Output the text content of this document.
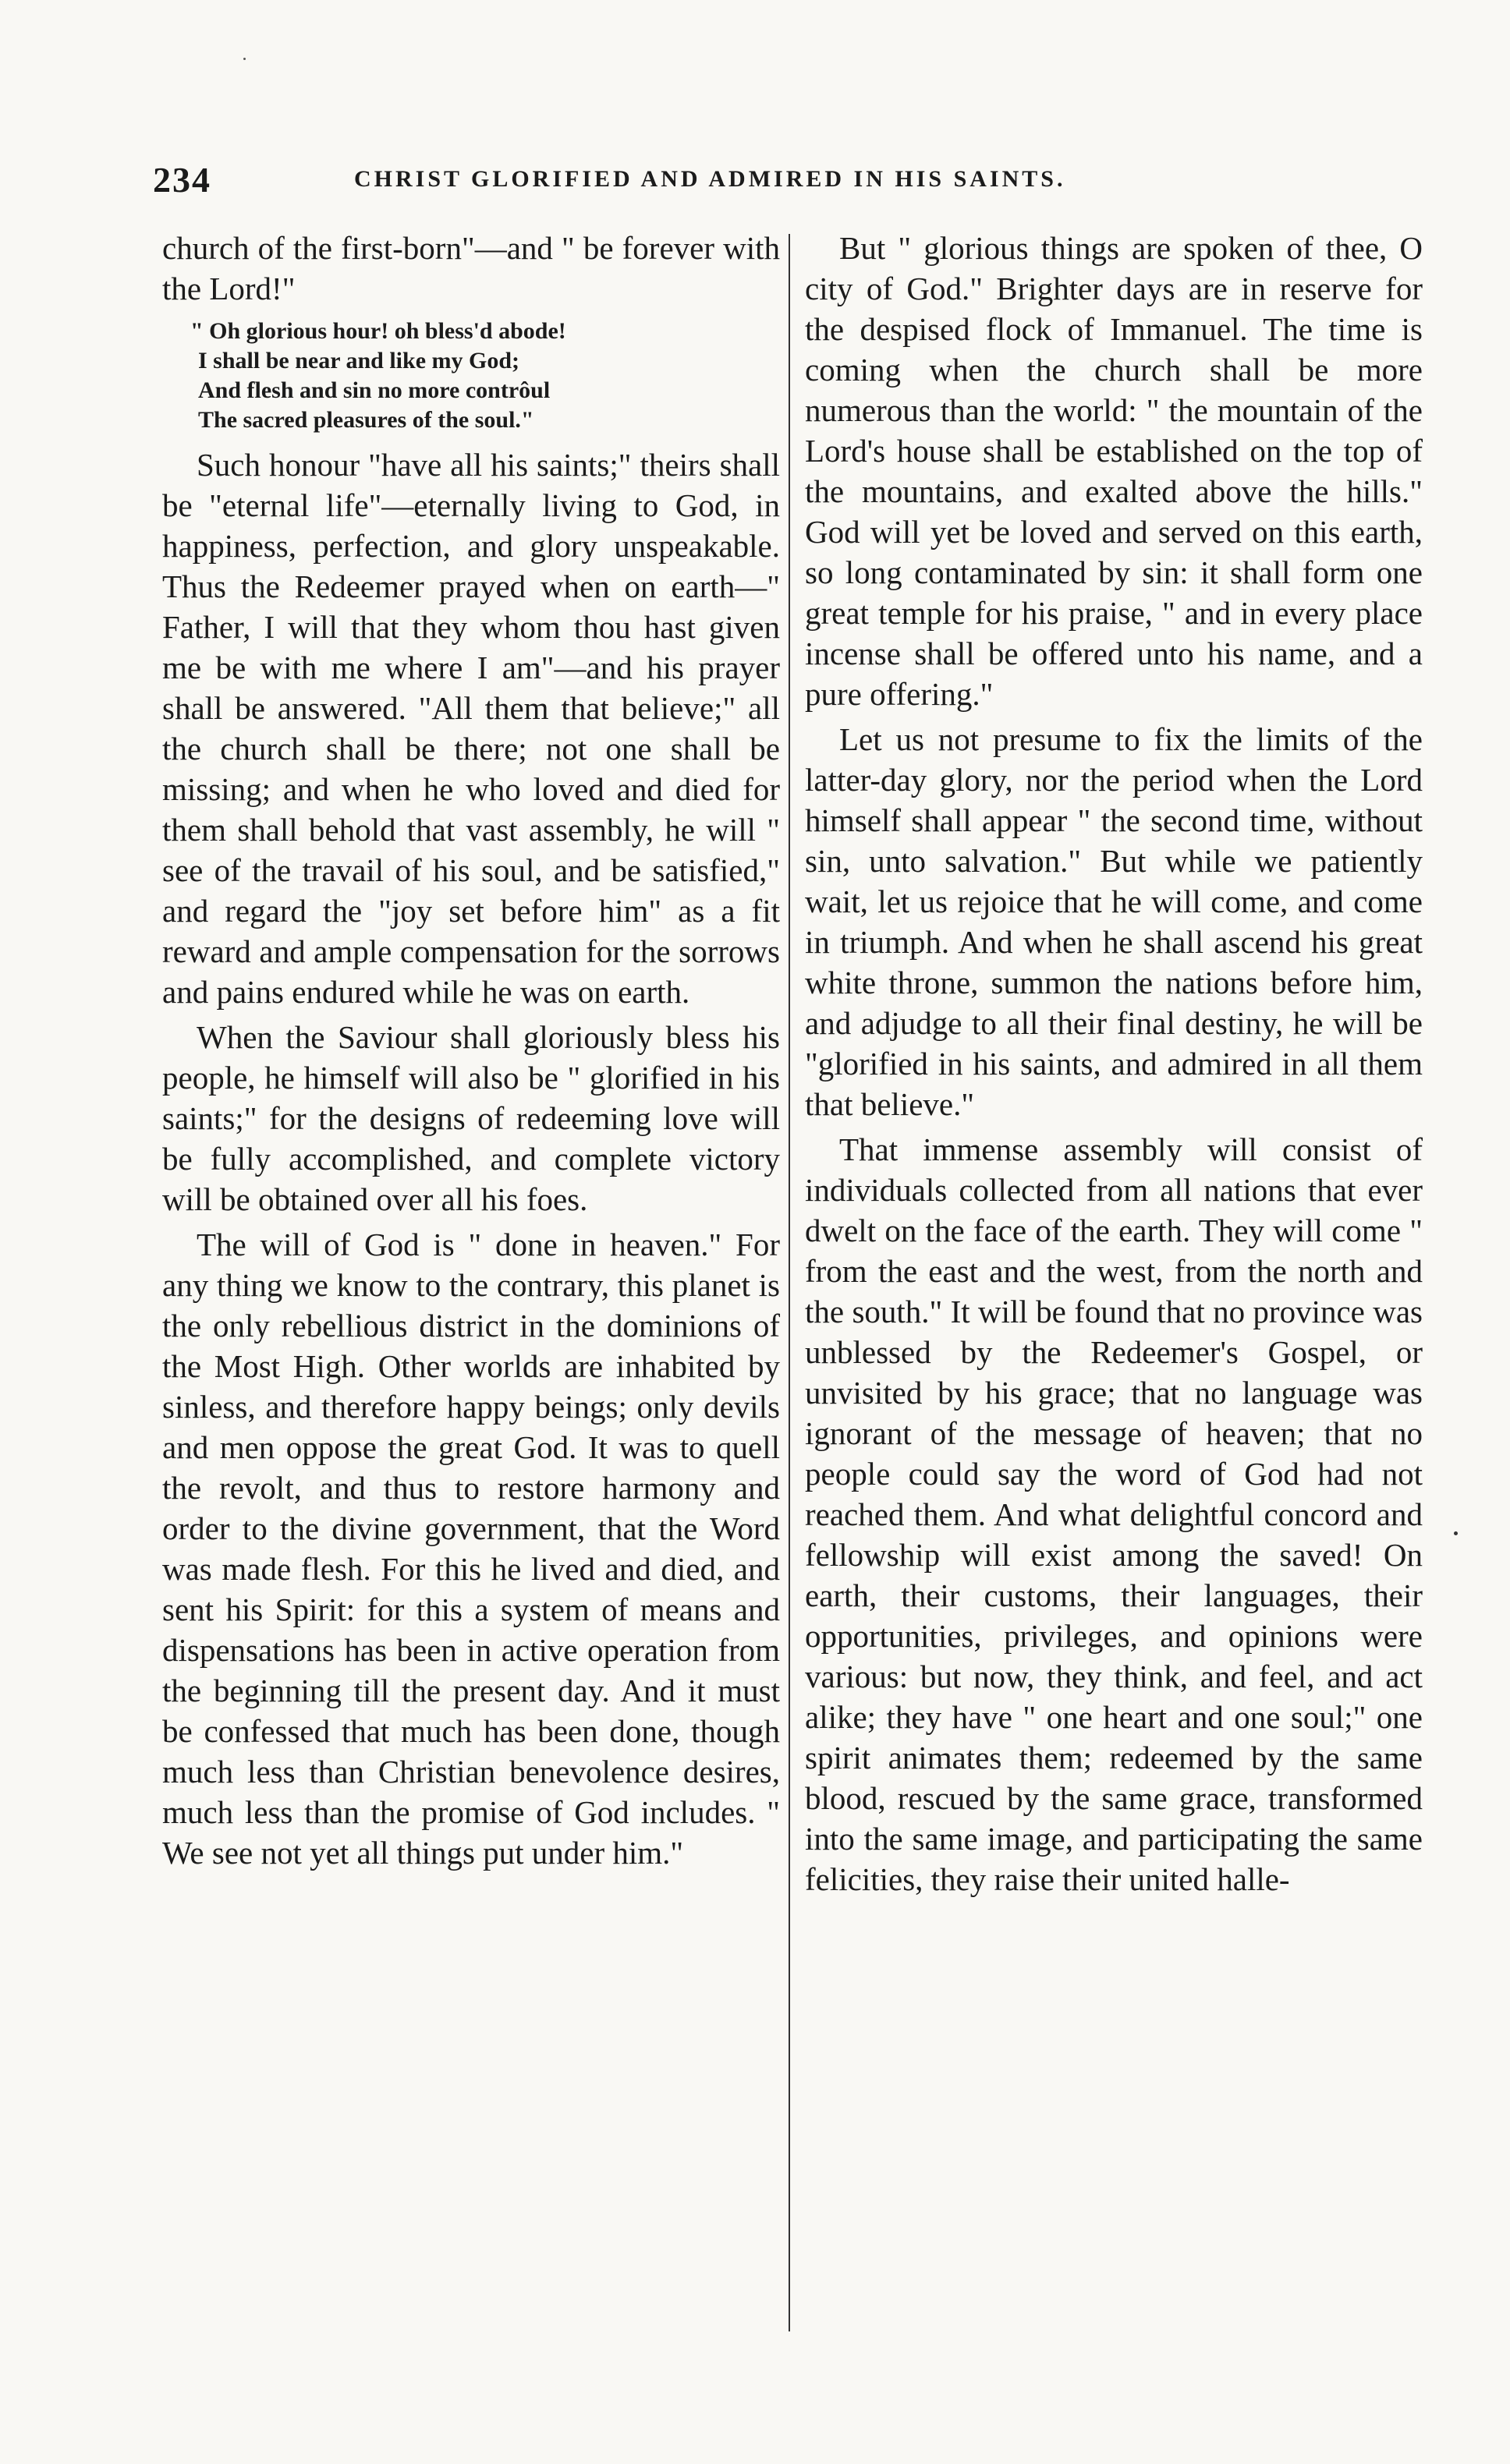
234	CHRIST GLORIFIED AND ADMIRED IN HIS SAINTS.

church of the first-born"—and " be forever with the Lord!"

" Oh glorious hour! oh bless'd abode!
I shall be near and like my God;
And flesh and sin no more contrôul
The sacred pleasures of the soul."

Such honour "have all his saints;" theirs shall be "eternal life"—eternally living to God, in happiness, perfection, and glory unspeakable. Thus the Redeemer prayed when on earth—" Father, I will that they whom thou hast given me be with me where I am"—and his prayer shall be answered. "All them that believe;" all the church shall be there; not one shall be missing; and when he who loved and died for them shall behold that vast assembly, he will " see of the travail of his soul, and be satisfied," and regard the "joy set before him" as a fit reward and ample compensation for the sorrows and pains endured while he was on earth.

When the Saviour shall gloriously bless his people, he himself will also be " glorified in his saints;" for the designs of redeeming love will be fully accomplished, and complete victory will be obtained over all his foes.

The will of God is " done in heaven." For any thing we know to the contrary, this planet is the only rebellious district in the dominions of the Most High. Other worlds are inhabited by sinless, and therefore happy beings; only devils and men oppose the great God. It was to quell the revolt, and thus to restore harmony and order to the divine government, that the Word was made flesh. For this he lived and died, and sent his Spirit: for this a system of means and dispensations has been in active operation from the beginning till the present day. And it must be confessed that much has been done, though much less than Christian benevolence desires, much less than the promise of God includes. " We see not yet all things put under him."

But " glorious things are spoken of thee, O city of God." Brighter days are in reserve for the despised flock of Immanuel. The time is coming when the church shall be more numerous than the world: " the mountain of the Lord's house shall be established on the top of the mountains, and exalted above the hills." God will yet be loved and served on this earth, so long contaminated by sin: it shall form one great temple for his praise, " and in every place incense shall be offered unto his name, and a pure offering."

Let us not presume to fix the limits of the latter-day glory, nor the period when the Lord himself shall appear " the second time, without sin, unto salvation." But while we patiently wait, let us rejoice that he will come, and come in triumph. And when he shall ascend his great white throne, summon the nations before him, and adjudge to all their final destiny, he will be "glorified in his saints, and admired in all them that believe."

That immense assembly will consist of individuals collected from all nations that ever dwelt on the face of the earth. They will come " from the east and the west, from the north and the south." It will be found that no province was unblessed by the Redeemer's Gospel, or unvisited by his grace; that no language was ignorant of the message of heaven; that no people could say the word of God had not reached them. And what delightful concord and fellowship will exist among the saved! On earth, their customs, their languages, their opportunities, privileges, and opinions were various: but now, they think, and feel, and act alike; they have " one heart and one soul;" one spirit animates them; redeemed by the same blood, rescued by the same grace, transformed into the same image, and participating the same felicities, they raise their united halle-
